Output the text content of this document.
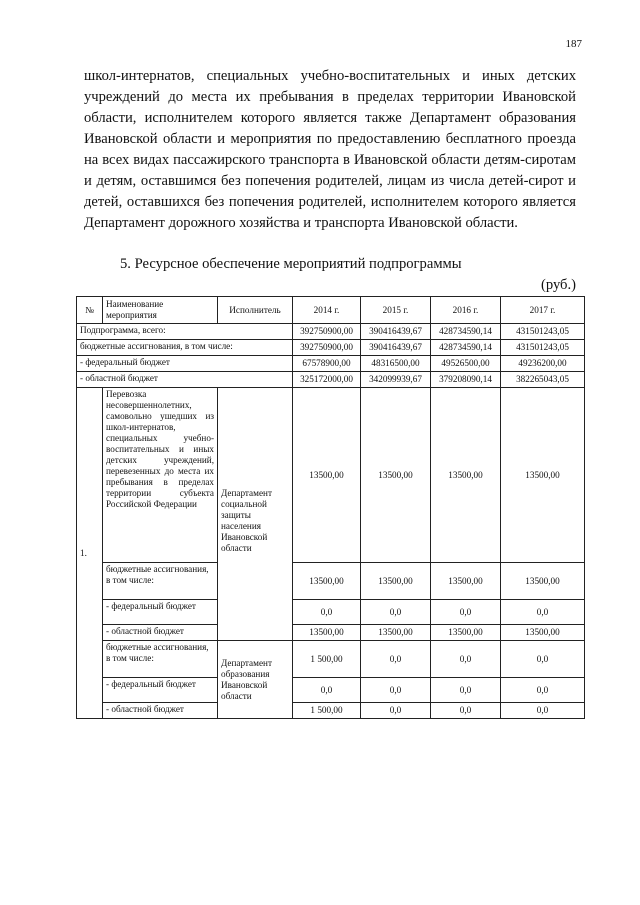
187

школ-интернатов, специальных учебно-воспитательных и иных детских учреждений до места их пребывания в пределах территории Ивановской области, исполнителем которого является также Департамент образования Ивановской области и мероприятия по предоставлению бесплатного проезда на всех видах пассажирского транспорта в Ивановской области детям-сиротам и детям, оставшимся без попечения родителей, лицам из числа детей-сирот и детей, оставшихся без попечения родителей, исполнителем которого является Департамент дорожного хозяйства и транспорта Ивановской области.

5. Ресурсное обеспечение мероприятий подпрограммы
(руб.)
№	Наименование мероприятия	Исполнитель	2014 г.	2015 г.	2016 г.	2017 г.
Подпрограмма, всего:			392750900,00	390416439,67	428734590,14	431501243,05
бюджетные ассигнования, в том числе:			392750900,00	390416439,67	428734590,14	431501243,05
- федеральный бюджет			67578900,00	48316500,00	49526500,00	49236200,00
- областной бюджет			325172000,00	342099939,67	379208090,14	382265043,05
1.	Перевозка несовершеннолетних, самовольно ушедших из школ-интернатов, специальных учебно-воспитательных и иных детских учреждений, перевезенных до места их пребывания в пределах территории субъекта Российской Федерации	Департамент социальной защиты населения Ивановской области	13500,00	13500,00	13500,00	13500,00
	бюджетные ассигнования, в том числе:		13500,00	13500,00	13500,00	13500,00
	- федеральный бюджет		0,0	0,0	0,0	0,0
	- областной бюджет		13500,00	13500,00	13500,00	13500,00
	бюджетные ассигнования, в том числе:	Департамент образования Ивановской области	1 500,00	0,0	0,0	0,0
	- федеральный бюджет		0,0	0,0	0,0	0,0
	- областной бюджет		1 500,00	0,0	0,0	0,0
